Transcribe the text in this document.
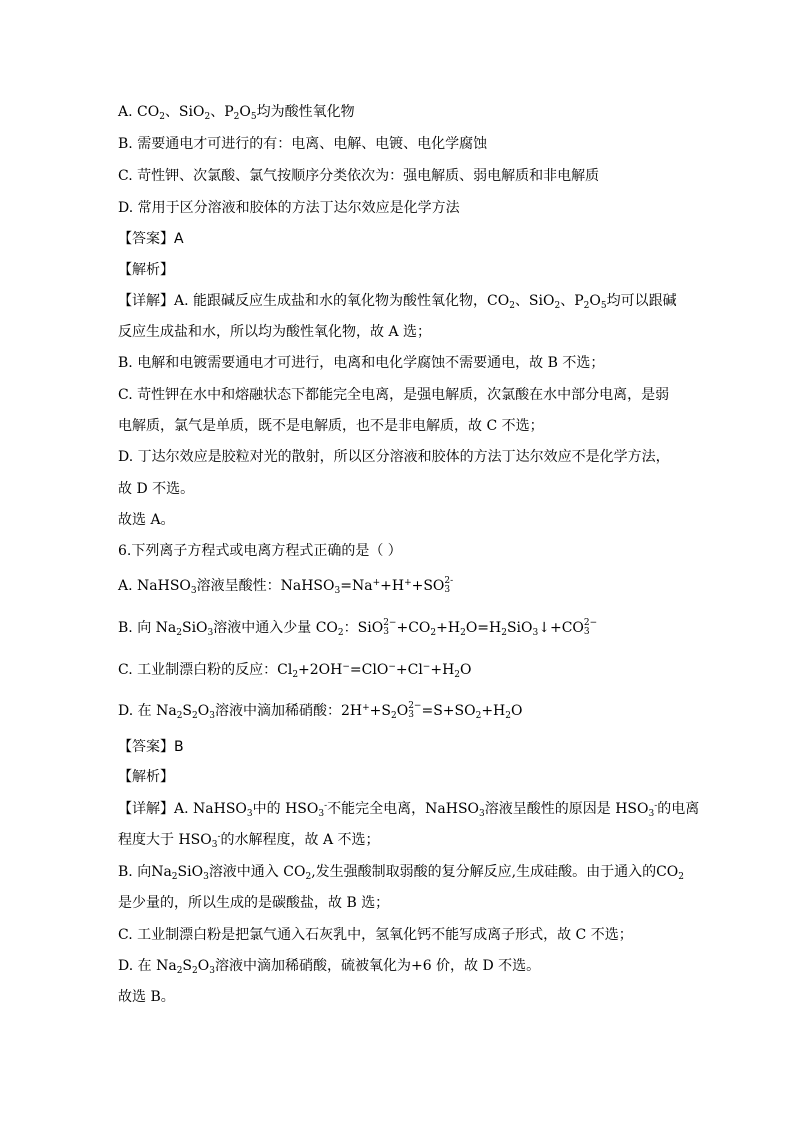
A. $CO_2$、SiO$_2$、$P_2O_5$均为酸性氧化物
B. 需要通电才可进行的有：电离、电解、电镀、电化学腐蚀
C. 苛性钾、次氯酸、氯气按顺序分类依次为：强电解质、弱电解质和非电解质
D. 常用于区分溶液和胶体的方法丁达尔效应是化学方法
【答案】A
【解析】
【详解】A. 能跟碱反应生成盐和水的氧化物为酸性氧化物，$CO_2$、SiO$_2$、$P_2O_5$均可以跟碱
反应生成盐和水，所以均为酸性氧化物，故 A 选；
B. 电解和电镀需要通电才可进行，电离和电化学腐蚀不需要通电，故 B 不选；
C. 苛性钾在水中和熔融状态下都能完全电离，是强电解质，次氯酸在水中部分电离，是弱
电解质，氯气是单质，既不是电解质，也不是非电解质，故 C 不选；
D. 丁达尔效应是胶粒对光的散射，所以区分溶液和胶体的方法丁达尔效应不是化学方法，
故 D 不选。
故选 A。
6.下列离子方程式或电离方程式正确的是（ ）
A. NaHSO$_3$溶液呈酸性：NaHSO$_3$=Na++H++SO 2-
3
B. 向 $Na_2SiO_3$溶液中通入少量 $CO_2$：SiO 2−
$3 +CO_2+H_2O=H_2SiO_3↓+CO$ 2−
3
C. 工业制漂白粉的反应：$Cl_2+2OH^-=ClO^-+Cl^-+H_2O$
D. 在 $Na_2S_2O_3$溶液中滴加稀硝酸：$2H^++S_2O$ 2−
$3 =S+SO_2+H_2O$
【答案】B
【解析】
【详解】A. NaHSO$_3$中的 $HSO_3^-$不能完全电离，NaHSO$_3$溶液呈酸性的原因是 $HSO_3^-$的电离
程度大于 $HSO_3^-$的水解程度，故 A 不选；
B. 向$Na_2SiO_3$溶液中通入 $CO_2$,发生强酸制取弱酸的复分解反应,生成硅酸。由于通入的$CO_2$
是少量的，所以生成的是碳酸盐，故 B 选；
C. 工业制漂白粉是把氯气通入石灰乳中，氢氧化钙不能写成离子形式，故 C 不选；
D. 在 $Na_2S_2O_3$溶液中滴加稀硝酸，硫被氧化为+6 价，故 D 不选。
故选 B。
